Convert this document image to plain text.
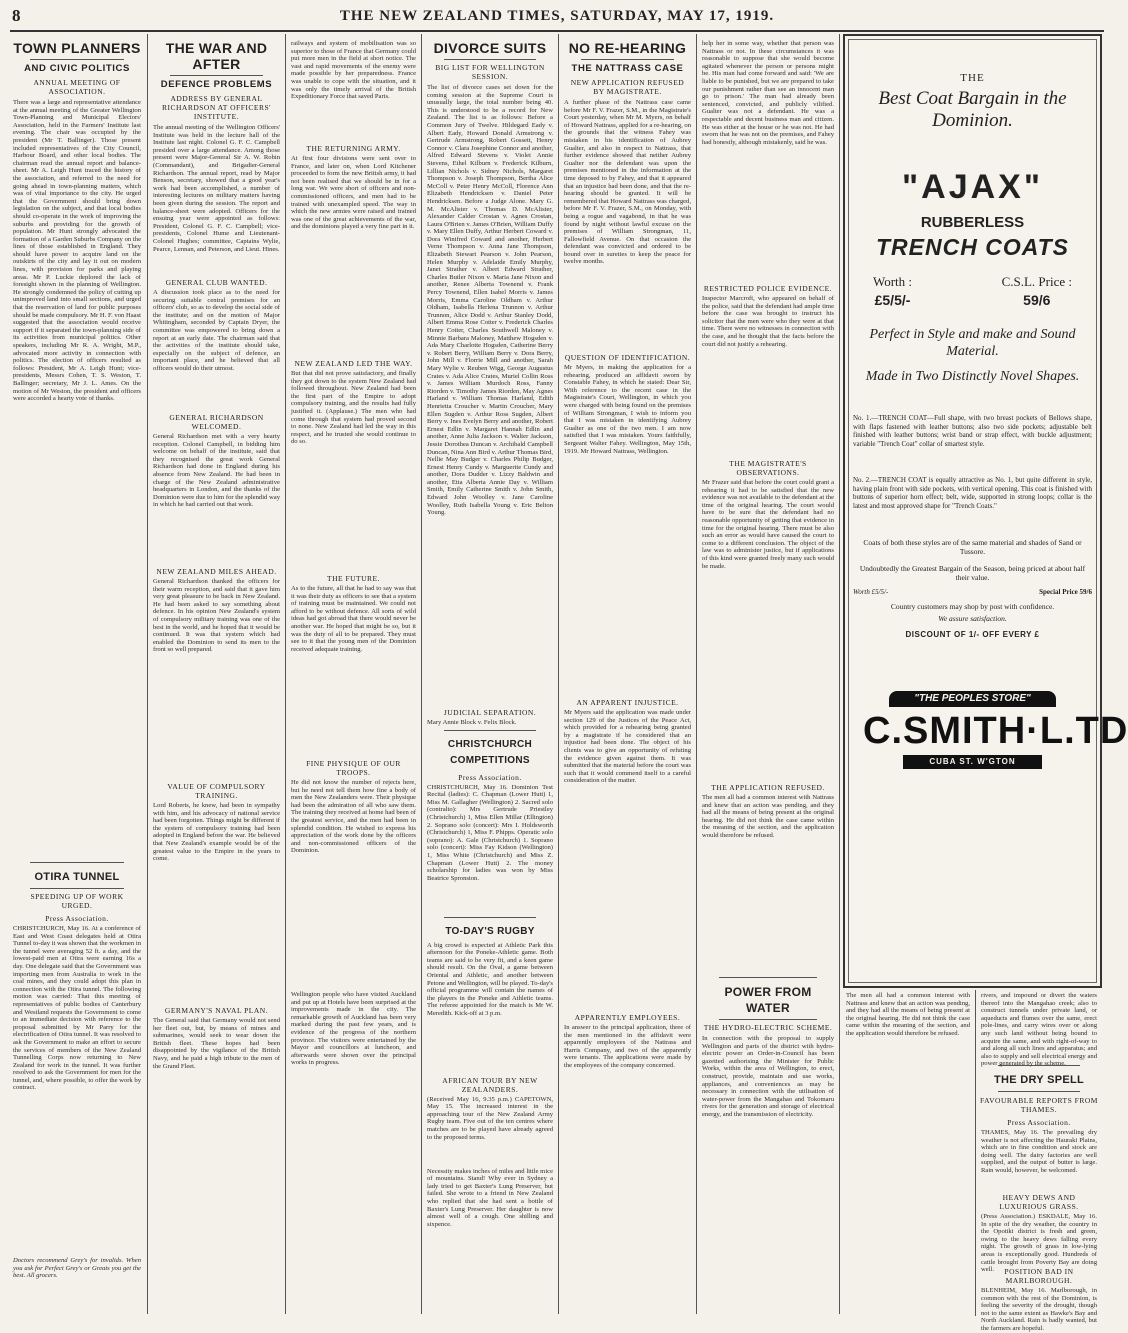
8	THE NEW ZEALAND TIMES, SATURDAY, MAY 17, 1919.
TOWN PLANNERS
AND CIVIC POLITICS
ANNUAL MEETING OF ASSOCIATION.
There was a large and representative attendance at the annual meeting of the Greater Wellington Town-Planning and Municipal Electors' Association, held in the Farmers' Institute last evening. The chair was occupied by the president (Mr T. Ballinger). Those present included representatives of the City Council, Harbour Board, and other local bodies. The chairman read the annual report and balance-sheet. Mr A. Leigh Hunt traced the history of the association, and referred to the need for going ahead in town-planning matters, which was of vital importance to the city. He urged that the Government should bring down legislation on the subject, and that local bodies should co-operate in the work of improving the suburbs and providing for the growth of population. Mr Hunt strongly advocated the formation of a Garden Suburbs Company on the lines of those established in England. They should have power to acquire land on the outskirts of the city and lay it out on modern lines, with provision for parks and playing areas. Mr P. Luckie deplored the lack of foresight shown in the planning of Wellington. He strongly condemned the policy of cutting up unimproved land into small sections, and urged that the reservation of land for public purposes should be made compulsory. Mr H. F. von Haast suggested that the association would receive support if it separated the town-planning side of its activities from municipal politics. Other speakers, including Mr R. A. Wright, M.P., advocated more activity in connection with politics. The election of officers resulted as follows: President, Mr A. Leigh Hunt; vice-presidents, Messrs Cohen, T. S. Weston, T. Ballinger; secretary, Mr J. L. Ames. On the motion of Mr Weston, the president and officers were accorded a hearty vote of thanks.
OTIRA TUNNEL
SPEEDING UP OF WORK URGED.
Press Association.
CHRISTCHURCH, May 16. At a conference of East and West Coast delegates held at Otira Tunnel to-day it was shown that the workmen in the tunnel were averaging 52 ft. a day, and the lowest-paid men at Otira were earning 16s a day. One delegate said that the Government was importing men from Australia to work in the coal mines, and they could adopt this plan in connection with the Otira tunnel. The following motion was carried: That this meeting of representatives of public bodies of Canterbury and Westland requests the Government to come to an immediate decision with reference to the proposal submitted by Mr Parry for the electrification of Otira tunnel. It was resolved to ask the Government to make an effort to secure the services of members of the New Zealand Tunnelling Corps now returning to New Zealand for work in the tunnel. It was further resolved to ask the Government for men for the tunnel, and, where possible, to offer the work by contract.
Doctors recommend Grey's for invalids. When you ask for Perfect Grey's or Greats you get the best. All grocers.
THE WAR AND AFTER
DEFENCE PROBLEMS
ADDRESS BY GENERAL RICHARDSON AT OFFICERS' INSTITUTE.
The annual meeting of the Wellington Officers' Institute was held in the lecture hall of the Institute last night. Colonel G. F. C. Campbell presided over a large attendance. Among those present were Major-General Sir A. W. Robin (Commandant), and Brigadier-General Richardson. The annual report, read by Major Benson, secretary, showed that a good year's work had been accomplished, a number of interesting lectures on military matters having been given during the session. The report and balance-sheet were adopted. Officers for the ensuing year were appointed as follows: President, Colonel G. F. C. Campbell; vice-presidents, Colonel Hume and Lieutenant-Colonel Hughes; committee, Captains Wylie, Pearce, Lennan, and Peterson, and Lieut. Hines.
GENERAL CLUB WANTED.
A discussion took place as to the need for securing suitable central premises for an officers' club, so as to develop the social side of the institute; and on the motion of Major Whitingham, seconded by Captain Dryer, the committee was empowered to bring down a report at an early date. The chairman said that the activities of the institute should take, especially on the subject of defence, an important place, and he believed that all officers would do their utmost.
GENERAL RICHARDSON WELCOMED.
General Richardson met with a very hearty reception. Colonel Campbell, in bidding him welcome on behalf of the institute, said that they recognised the great work General Richardson had done in England during his absence from New Zealand. He had been in charge of the New Zealand administrative headquarters in London, and the thanks of the Dominion were due to him for the splendid way in which he had carried out that work.
NEW ZEALAND MILES AHEAD.
General Richardson thanked the officers for their warm reception, and said that it gave him very great pleasure to be back in New Zealand. He had been asked to say something about defence. In his opinion New Zealand's system of compulsory military training was one of the best in the world, and he hoped that it would be continued. It was that system which had enabled the Dominion to send its men to the front so well prepared.
VALUE OF COMPULSORY TRAINING.
Lord Roberts, he knew, had been in sympathy with him, and his advocacy of national service had been forgotten. Things might be different if the system of compulsory training had been adopted in England before the war. He believed that New Zealand's example would be of the greatest value to the Empire in the years to come.
GERMANY'S NAVAL PLAN.
The General said that Germany would not send her fleet out, but, by means of mines and submarines, would seek to wear down the British fleet. These hopes had been disappointed by the vigilance of the British Navy, and he paid a high tribute to the men of the Grand Fleet.
railways and system of mobilisation was so superior to those of France that Germany could put more men in the field at short notice. The vast and rapid movements of the enemy were made possible by her preparedness. France was unable to cope with the situation, and it was only the timely arrival of the British Expeditionary Force that saved Paris.
THE RETURNING ARMY.
At first four divisions were sent over to France, and later on, when Lord Kitchener proceeded to form the new British army, it had not been realised that we should be in for a long war. We were short of officers and non-commissioned officers, and men had to be trained with unexampled speed. The way in which the new armies were raised and trained was one of the great achievements of the war, and the dominions played a very fine part in it.
NEW ZEALAND LED THE WAY.
But that did not prove satisfactory, and finally they got down to the system New Zealand had followed throughout. New Zealand had been the first part of the Empire to adopt compulsory training, and the results had fully justified it. (Applause.) The men who had come through that system had proved second to none. New Zealand had led the way in this respect, and he trusted she would continue to do so.
THE FUTURE.
As to the future, all that he had to say was that it was their duty as officers to see that a system of training must be maintained. We could not afford to be without defence. All sorts of wild ideas had got abroad that there would never be another war. He hoped that might be so, but it was the duty of all to be prepared. They must see to it that the young men of the Dominion received adequate training.
FINE PHYSIQUE OF OUR TROOPS.
He did not know the number of rejects here, but he need not tell them how fine a body of men the New Zealanders were. Their physique had been the admiration of all who saw them. The training they received at home had been of the greatest service, and the men had been in splendid condition. He wished to express his appreciation of the work done by the officers and non-commissioned officers of the Dominion.
Wellington people who have visited Auckland and put up at Hotels have been surprised at the improvements made in the city. The remarkable growth of Auckland has been very marked during the past few years, and is evidence of the progress of the northern province. The visitors were entertained by the Mayor and councillors at luncheon, and afterwards were shown over the principal works in progress.
DIVORCE SUITS
BIG LIST FOR WELLINGTON SESSION.
The list of divorce cases set down for the coming session at the Supreme Court is unusually large, the total number being 40. This is understood to be a record for New Zealand. The list is as follows: Before a Common Jury of Twelve. Hildegard Eady v. Albert Eady, Howard Donald Armstrong v. Gertrude Armstrong, Robert Gossett, Henry Connor v. Clara Josephine Connor and another, Alfred Edward Stevens v. Violet Annie Stevens, Ethel Kilburn v. Frederick Kilburn, Lillian Nichols v. Sidney Nichols, Margaret Thompson v. Joseph Thompson, Bertha Alice McColl v. Peter Henry McColl, Florence Ann Elizabeth Hendricksen v. Daniel Peter Hendricksen. Before a Judge Alone. Mary G. M. McAlister v. Thomas D. McAlister, Alexander Calder Crostan v. Agnes Crostan, Laura O'Brien v. James O'Brien, William Duffy v. Mary Ellen Duffy, Arthur Herbert Coward v. Dora Winifred Coward and another, Herbert Verne Thompson v. Anna Jane Thompson, Elizabeth Stewart Pearson v. John Pearson, Helen Murphy v. Adelaide Emily Murphy, Janet Strather v. Albert Edward Strather, Charles Butler Nixon v. Maria Jane Nixon and another, Renee Alberta Townend v. Frank Percy Townend, Ellen Isabel Morris v. James Morris, Emma Caroline Oldham v. Arthur Oldham, Isabella Herlena Trunnon v. Arthur Trunnon, Alice Dodd v. Arthur Stanley Dodd, Albert Emma Rose Cotter v. Frederick Charles Henry Cotter, Charles Southwell Maloney v. Minnie Barbara Maloney, Matthew Hogsden v. Ada Mary Charlotte Hogsden, Catherine Berry v. Robert Berry, William Berry v. Dora Berry, John Mill v. Florrie Mill and another, Sarah Mary Wylie v. Reuben Wigg, George Augustus Crates v. Ada Alice Crates, Muriel Collin Ross v. James William Murdoch Ross, Fanny Riorden v. Timothy James Riorden, May Agnes Harland v. William Thomas Harland, Edith Henrietta Croucher v. Martin Croucher, Mary Ellen Sugden v. Arthur Ross Sugden, Albert Berry v. Ines Evelyn Berry and another, Robert Ernest Edlin v. Margaret Hannah Edlin and another, Anne Julia Jackson v. Walter Jackson, Jessie Dorothea Duncan v. Archibald Campbell Duncan, Nina Ann Bird v. Arthur Thomas Bird, Nellie May Budger v. Charles Philip Budger, Ernest Henry Cundy v. Marguerite Cundy and another, Dora Dudder v. Lizzy Baldwin and another, Etta Alberta Annie Day v. William Smith, Emily Catherine Smith v. John Smith, Edward John Woolley v. Jane Caroline Woolley, Ruth Isabella Young v. Eric Belton Young.
JUDICIAL SEPARATION.
Mary Annie Block v. Felix Block.
CHRISTCHURCH COMPETITIONS
Press Association.
CHRISTCHURCH, May 16. Dominion Test Recital (ladies): C. Chapman (Lower Hutt) 1, Miss M. Gallagher (Wellington) 2. Sacred solo (contralto): Mrs Gertrude Priestley (Christchurch) 1, Miss Ellen Millar (Ellington) 2. Soprano solo (concert): Mrs I. Holdsworth (Christchurch) 1, Miss F. Phipps. Operatic solo (soprano): A. Gale (Christchurch) 1. Soprano solo (concert): Miss Fay Kidson (Wellington) 1, Miss White (Christchurch) and Miss Z. Chapman (Lower Hutt) 2. The money scholarship for ladies was won by Miss Beatrice Spronston.
TO-DAY'S RUGBY
A big crowd is expected at Athletic Park this afternoon for the Poneke-Athletic game. Both teams are said to be very fit, and a keen game should result. On the Oval, a game between Oriental and Athletic, and another between Petone and Wellington, will be played. To-day's official programme will contain the names of the players in the Poneke and Athletic teams. The referee appointed for the match is Mr W. Meredith. Kick-off at 3 p.m.
AFRICAN TOUR BY NEW ZEALANDERS.
(Received May 16, 9.35 p.m.) CAPETOWN, May 15. The increased interest in the approaching tour of the New Zealand Army Rugby team. Five out of the ten centres where matches are to be played have already agreed to the proposed terms.
Necessity makes inches of miles and little mice of mountains. Stand! Why ever in Sydney a lady tried to get Baxter's Lung Preserver, but failed. She wrote to a friend in New Zealand who replied that she had sent a bottle of Baxter's Lung Preserver. Her daughter is now almost well of a cough. One shilling and sixpence.
NO RE-HEARING
THE NATTRASS CASE
NEW APPLICATION REFUSED BY MAGISTRATE.
A further phase of the Nattrass case came before Mr F. V. Frazer, S.M., in the Magistrate's Court yesterday, when Mr M. Myers, on behalf of Howard Nattrass, applied for a re-hearing, on the grounds that the witness Fahey was mistaken in his identification of Aubrey Gualter, and also in respect to Nattrass, that further evidence showed that neither Aubrey Gualter nor the defendant was upon the premises mentioned in the information at the time deposed to by Fahey, and that it appeared that an injustice had been done, and that the re-hearing should be granted. It will be remembered that Howard Nattrass was charged, before Mr F. V. Frazer, S.M., on Monday, with being a rogue and vagabond, in that he was found by night without lawful excuse on the premises of William Strongman, 11, Fallowfield Avenue. On that occasion the defendant was convicted and ordered to be bound over in sureties to keep the peace for twelve months.
QUESTION OF IDENTIFICATION.
Mr Myers, in making the application for a rehearing, produced an affidavit sworn by Constable Fahey, in which he stated: Dear Sir, With reference to the recent case in the Magistrate's Court, Wellington, in which you were charged with being found on the premises of William Strongman, I wish to inform you that I was mistaken in identifying Aubrey Gualter as one of the two men. I am now satisfied that I was mistaken. Yours faithfully, Sergeant Walter Fahey. Wellington, May 15th, 1919. Mr Howard Nattrass, Wellington.
AN APPARENT INJUSTICE.
Mr Myers said the application was made under section 129 of the Justices of the Peace Act, which provided for a rehearing being granted by a magistrate if he considered that an injustice had been done. The object of his clients was to give an opportunity of refuting the evidence given against them. It was submitted that the material before the court was such that it would commend itself to a careful consideration of the matter.
APPARENTLY EMPLOYEES.
In answer to the principal application, three of the men mentioned in the affidavit were apparently employees of the Nattrass and Harris Company, and two of the apparently were tenants. The applications were made by the employees of the company concerned.
help her in some way, whether that person was Nattrass or not. In these circumstances it was reasonable to suppose that she would become agitated whenever the person or persons might be. His man had come forward and said: 'We are liable to be punished, but we are prepared to take our punishment rather than see an innocent man go to prison.' The man had already been sentenced, convicted, and publicly vilified. Gualter was not a defendant. He was a respectable and decent business man and citizen. He was either at the house or he was not. He had sworn that he was not on the premises, and Fahey had honestly, although mistakenly, said he was.
RESTRICTED POLICE EVIDENCE.
Inspector Marcroft, who appeared on behalf of the police, said that the defendant had ample time before the case was brought to instruct his solicitor that the men were who they were at that time. There were no witnesses in connection with the case, and he thought that the facts before the court did not justify a rehearing.
THE MAGISTRATE'S OBSERVATIONS.
Mr Frazer said that before the court could grant a rehearing it had to be satisfied that the new evidence was not available to the defendant at the time of the original hearing. The court would have to be sure that the defendant had no reasonable opportunity of getting that evidence in time for the original hearing. There must be also such an error as would have caused the court to come to a different conclusion. The object of the law was to administer justice, but if applications of this kind were granted freely many such would be made.
THE APPLICATION REFUSED.
The men all had a common interest with Nattrass and knew that an action was pending, and they had all the means of being present at the original hearing. He did not think the case came within the meaning of the section, and the application would therefore be refused.
POWER FROM WATER
THE HYDRO-ELECTRIC SCHEME.
In connection with the proposal to supply Wellington and parts of the district with hydro-electric power an Order-in-Council has been gazetted authorising the Minister for Public Works, within the area of Wellington, to erect, construct, provide, maintain and use works, appliances, and conveniences as may be necessary in connection with the utilisation of water-power from the Mangahao and Tokomaru rivers for the generation and storage of electrical energy, and the transmission of electricity.
THE
Best Coat Bargain in the Dominion.
"AJAX"
RUBBERLESS
TRENCH COATS
Worth :
£5/5/-
C.S.L. Price :
59/6
Perfect in Style and make and Sound Material.
Made in Two Distinctly Novel Shapes.
No. 1.—TRENCH COAT—Full shape, with two breast pockets of Bellows shape, with flaps fastened with leather buttons; also two side pockets; adjustable belt finished with leather buttons; wrist band or strap effect, with buckle adjustment; variable "Trench Coat" collar of smartest style.
No. 2.—TRENCH COAT is equally attractive as No. 1, but quite different in style, having plain front with side pockets, with vertical opening. This coat is finished with buttons of superior horn effect; belt, wide, supported in strong loops; collar is the latest and most approved shape for "Trench Coats."
Coats of both these styles are of the same material and shades of Sand or Tussore.
Undoubtedly the Greatest Bargain of the Season, being priced at about half their value.
Worth £5/5/-	Special Price 59/6
Country customers may shop by post with confidence.
We assure satisfaction.
DISCOUNT OF 1/- OFF EVERY £
"THE PEOPLES STORE"
C.SMITH·L.TD
CUBA ST. W'GTON
The men all had a common interest with Nattrass and knew that an action was pending, and they had all the means of being present at the original hearing. He did not think the case came within the meaning of the section, and the application would therefore be refused.
rivers, and impound or divert the waters thereof into the Mangahao creek; also to construct tunnels under private land, or aqueducts and flumes over the same, erect pole-lines, and carry wires over or along any such land without being bound to acquire the same, and with right-of-way to and along all such lines and apparatus; and also to supply and sell electrical energy and power generated by the scheme.
THE DRY SPELL
FAVOURABLE REPORTS FROM THAMES.
Press Association.
THAMES, May 16. The prevailing dry weather is not affecting the Hauraki Plains, which are in fine condition and stock are doing well. The dairy factories are well supplied, and the output of butter is large. Rain would, however, be welcomed.
HEAVY DEWS AND LUXURIOUS GRASS.
(Press Association.) ESKDALE, May 16. In spite of the dry weather, the country in the Opotiki district is fresh and green, owing to the heavy dews falling every night. The growth of grass in low-lying areas is exceptionally good. Hundreds of cattle brought from Poverty Bay are doing well.	POSITION BAD IN MARLBOROUGH.
BLENHEIM, May 16. Marlborough, in common with the rest of the Dominion, is feeling the severity of the drought, though not to the same extent as Hawke's Bay and North Auckland. Rain is badly wanted, but the farmers are hopeful.
